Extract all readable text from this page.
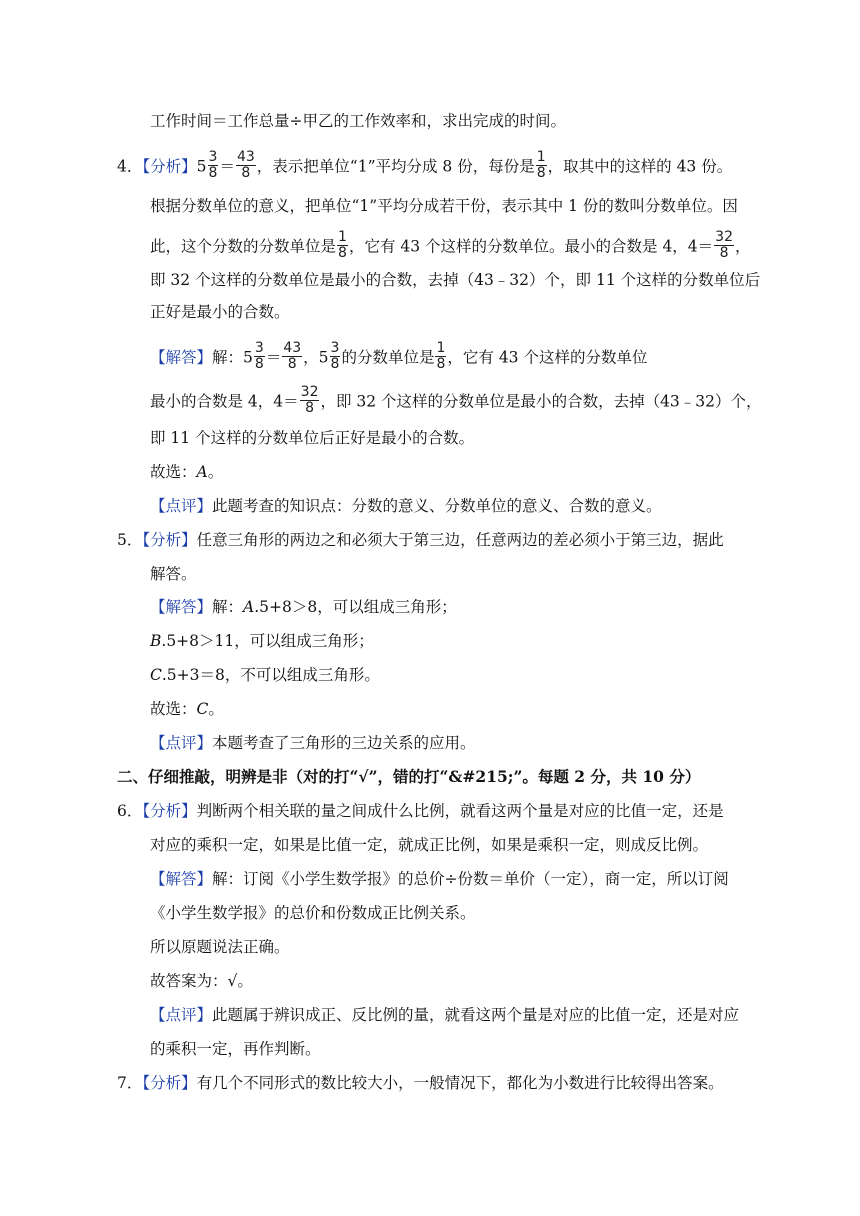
工作时间＝工作总量÷甲乙的工作效率和，求出完成的时间。
4．【分析】$5 \frac{3}{8} = \frac{43}{8}$ ，表示把单位“1”平均分成 8 份，每份是 $\frac{1}{8}$ ，取其中的这样的 43 份。
根据分数单位的意义，把单位“1”平均分成若干份，表示其中 1 份的数叫分数单位。因
此，这个分数的分数单位是 $\frac{1}{8}$ ，它有 43 个这样的分数单位。最小的合数是 4，$4= \frac{32}{8}$ ，
即 32 个这样的分数单位是最小的合数，去掉（43﹣32）个，即 11 个这样的分数单位后
正好是最小的合数。
【解答】解：$5 \frac{3}{8} = \frac{43}{8}$ ，$5 \frac{3}{8}$ 的分数单位是 $\frac{1}{8}$ ，它有 43 个这样的分数单位
最小的合数是 4，$4= \frac{32}{8}$ ，即 32 个这样的分数单位是最小的合数，去掉（43﹣32）个，
即 11 个这样的分数单位后正好是最小的合数。
故选：A。
【点评】此题考查的知识点：分数的意义、分数单位的意义、合数的意义。
5．【分析】任意三角形的两边之和必须大于第三边，任意两边的差必须小于第三边，据此
解答。
【解答】解：A.5+8＞8，可以组成三角形；
B.5+8＞11，可以组成三角形；
C.5+3＝8，不可以组成三角形。
故选：C。
【点评】本题考查了三角形的三边关系的应用。
二、仔细推敲，明辨是非（对的打“√”，错的打“&#215;”。每题 2 分，共 10 分）
6．【分析】判断两个相关联的量之间成什么比例，就看这两个量是对应的比值一定，还是
对应的乘积一定，如果是比值一定，就成正比例，如果是乘积一定，则成反比例。
【解答】解：订阅《小学生数学报》的总价÷份数＝单价（一定），商一定，所以订阅
《小学生数学报》的总价和份数成正比例关系。
所以原题说法正确。
故答案为：√。
【点评】此题属于辨识成正、反比例的量，就看这两个量是对应的比值一定，还是对应
的乘积一定，再作判断。
7．【分析】有几个不同形式的数比较大小，一般情况下，都化为小数进行比较得出答案。
